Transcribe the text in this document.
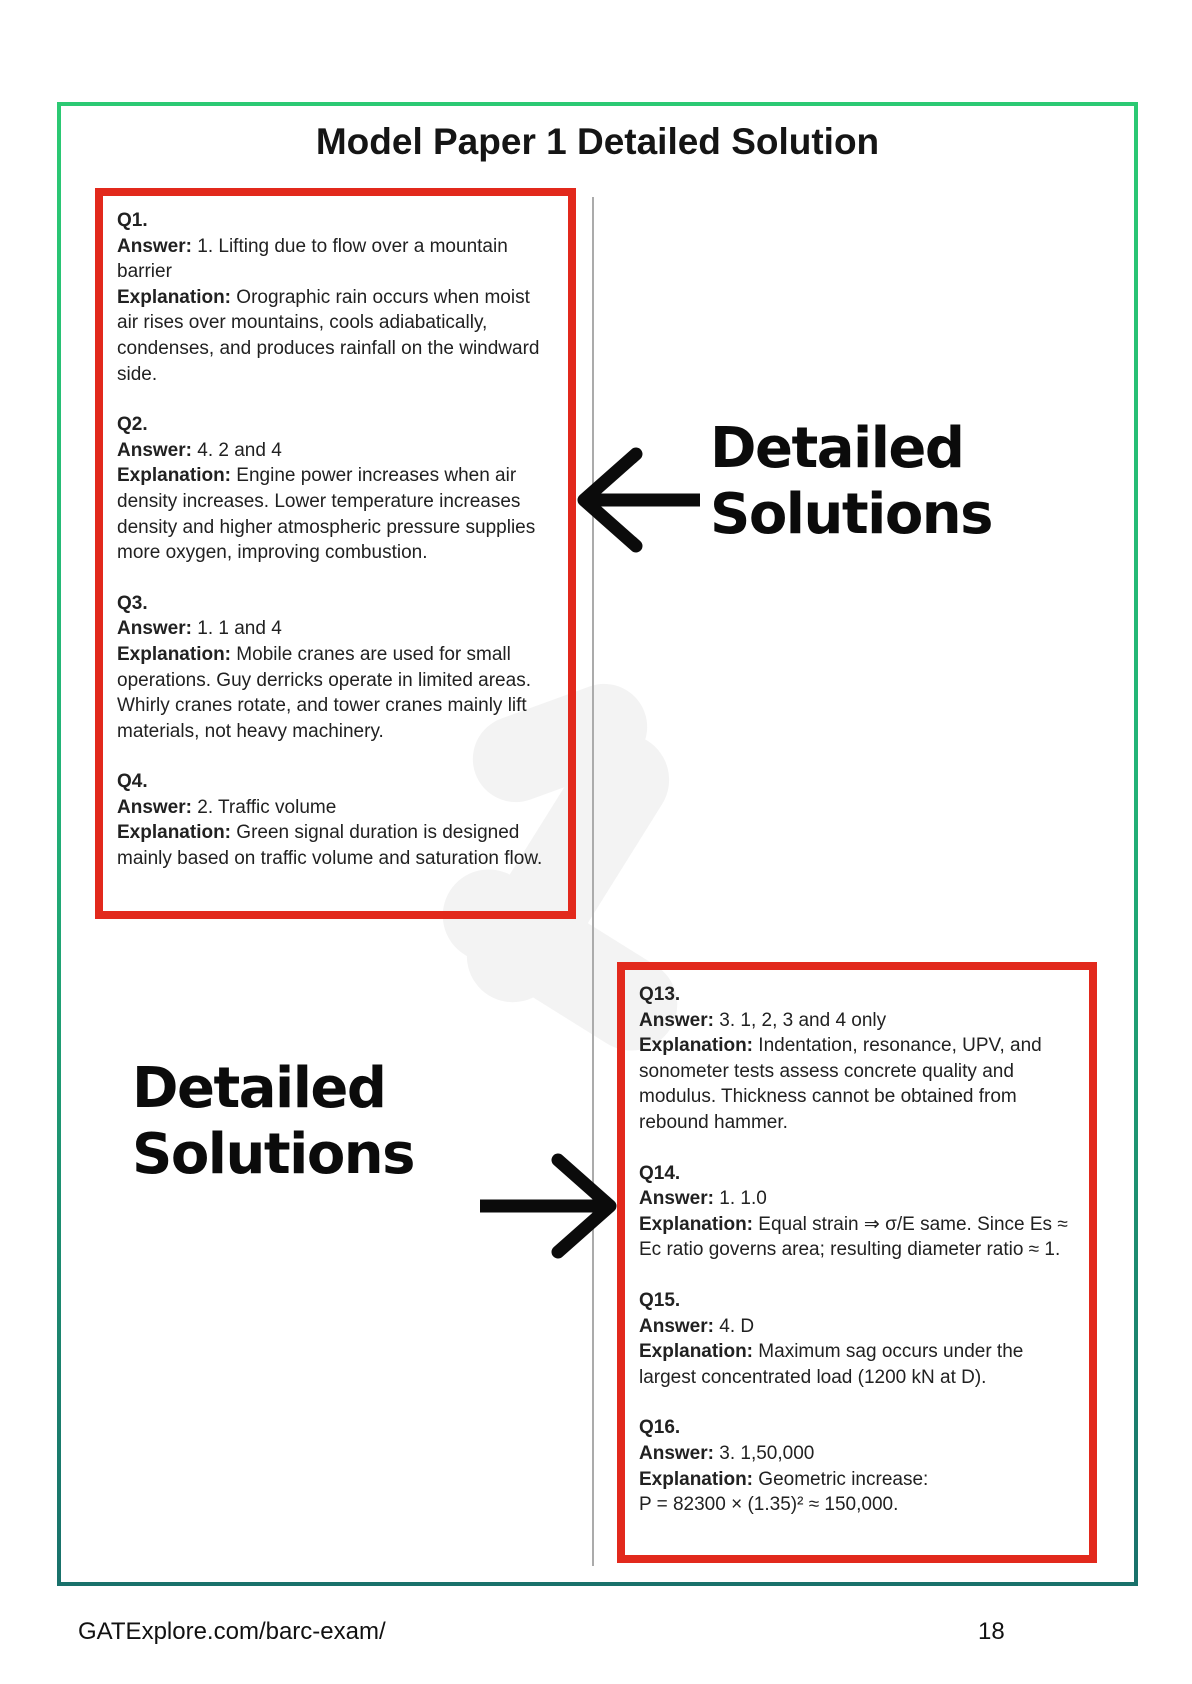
Model Paper 1 Detailed Solution

Q1.

Answer: 1. Lifting due to flow over a mountain barrier

Explanation: Orographic rain occurs when moist air rises over mountains, cools adiabatically, condenses, and produces rainfall on the windward side.

Q2.

Answer: 4. 2 and 4

Explanation: Engine power increases when air density increases. Lower temperature increases density and higher atmospheric pressure supplies more oxygen, improving combustion.

Q3.

Answer: 1. 1 and 4

Explanation: Mobile cranes are used for small operations. Guy derricks operate in limited areas. Whirly cranes rotate, and tower cranes mainly lift materials, not heavy machinery.

Q4.

Answer: 2. Traffic volume

Explanation: Green signal duration is designed mainly based on traffic volume and saturation flow.

Q13.

Answer: 3. 1, 2, 3 and 4 only

Explanation: Indentation, resonance, UPV, and sonometer tests assess concrete quality and modulus. Thickness cannot be obtained from rebound hammer.

Q14.

Answer: 1. 1.0

Explanation: Equal strain ⇒ σ/E same. Since Es ≈ Ec ratio governs area; resulting diameter ratio ≈ 1.

Q15.

Answer: 4. D

Explanation: Maximum sag occurs under the largest concentrated load (1200 kN at D).

Q16.

Answer: 3. 1,50,000

Explanation: Geometric increase:

P = 82300 × (1.35)² ≈ 150,000.

Detailed
Solutions
Detailed
Solutions
GATExplore.com/barc-exam/	18
